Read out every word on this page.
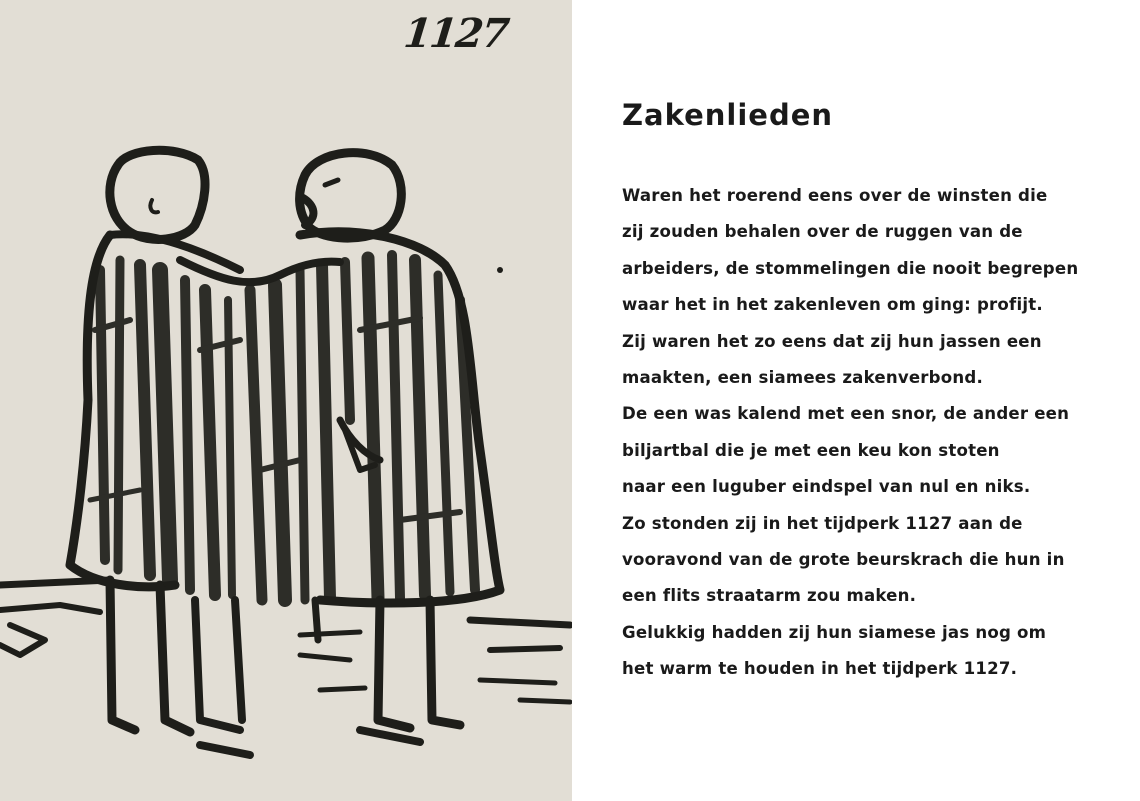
1127
Zakenlieden
Waren het roerend eens over de winsten die
zij zouden behalen over de ruggen van de
arbeiders, de stommelingen die nooit begrepen
waar het in het zakenleven om ging: profijt.
Zij waren het zo eens dat zij hun jassen een
maakten, een siamees zakenverbond.
De een was kalend met een snor, de ander een
biljartbal die je met een keu kon stoten
naar een luguber eindspel van nul en niks.
Zo stonden zij in het tijdperk 1127 aan de
vooravond van de grote beurskrach die hun in
een flits straatarm zou maken.
Gelukkig hadden zij hun siamese jas nog om
het warm te houden in het tijdperk 1127.
